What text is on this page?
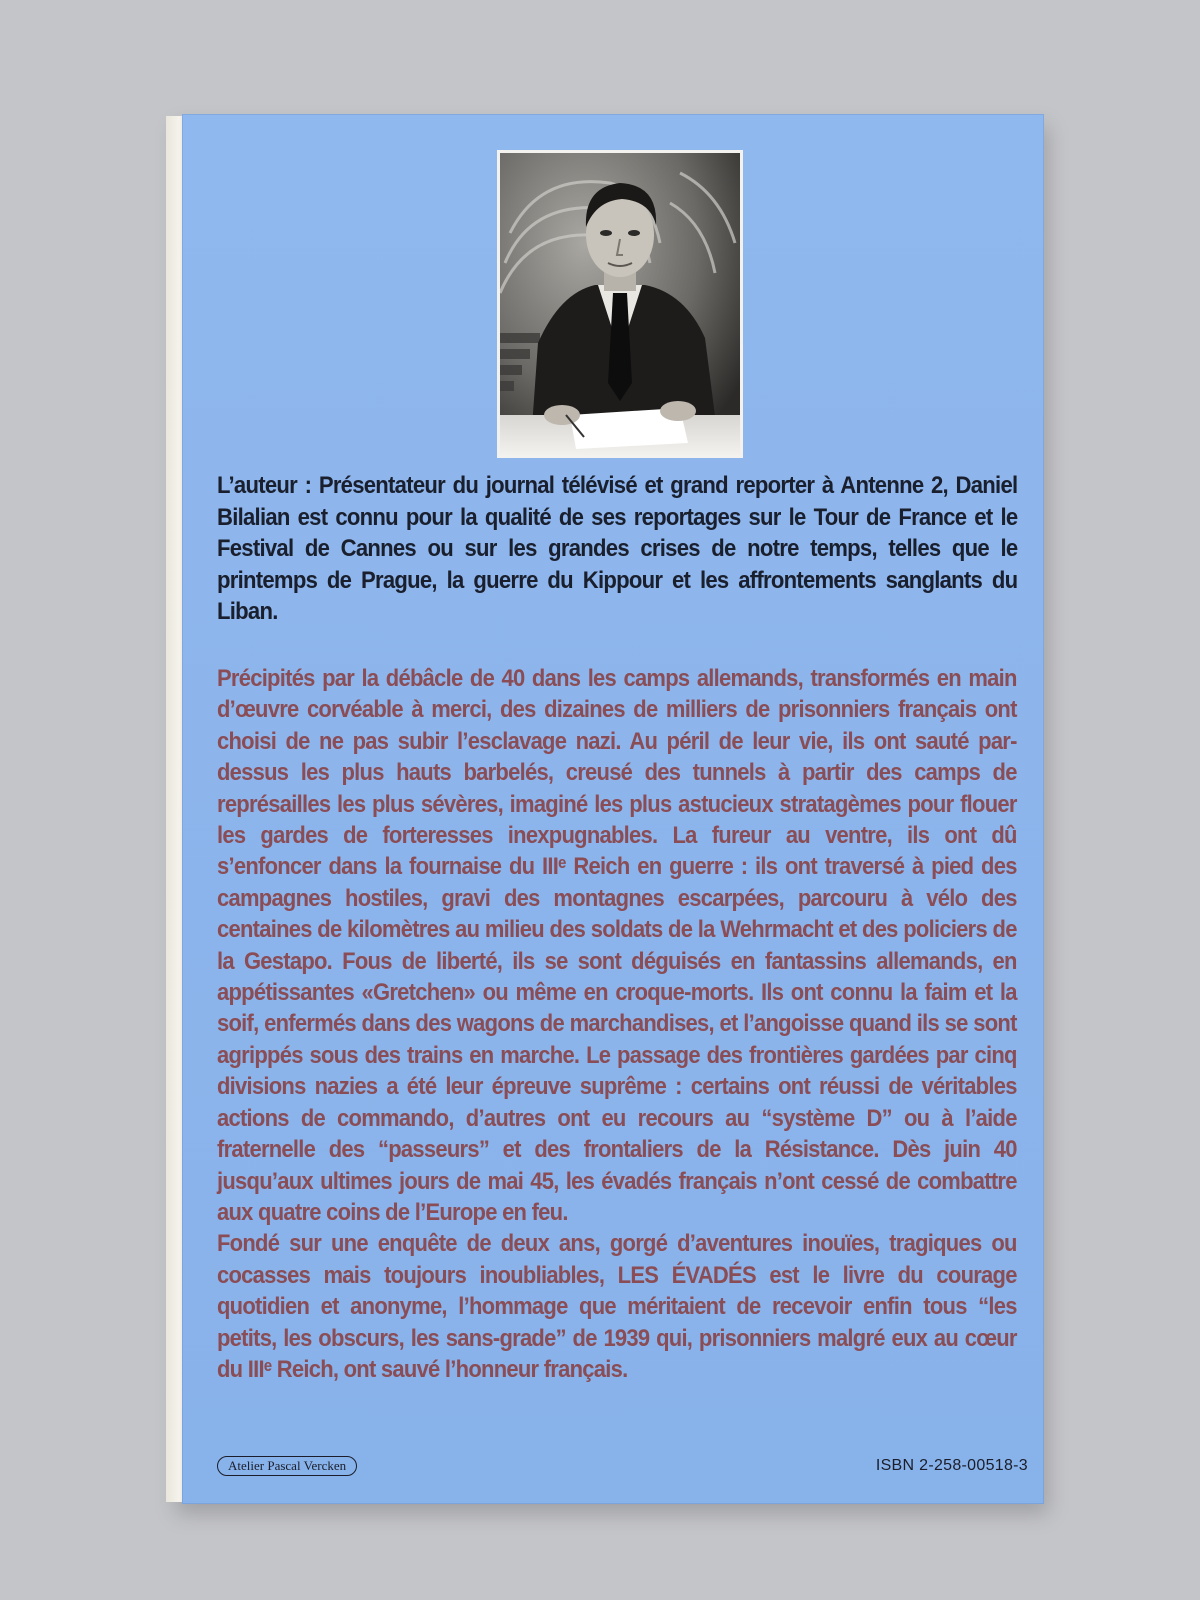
L’auteur : Présentateur du journal télévisé et grand reporter à Antenne 2, Daniel Bilalian est connu pour la qualité de ses reportages sur le Tour de France et le Festival de Cannes ou sur les grandes crises de notre temps, telles que le printemps de Prague, la guerre du Kippour et les affrontements sanglants du Liban.

Précipités par la débâcle de 40 dans les camps allemands, transformés en main d’œuvre corvéable à merci, des dizaines de milliers de prisonniers français ont choisi de ne pas subir l’esclavage nazi. Au péril de leur vie, ils ont sauté par-dessus les plus hauts barbelés, creusé des tunnels à partir des camps de représailles les plus sévères, imaginé les plus astucieux stratagèmes pour flouer les gardes de forteresses inexpugnables. La fureur au ventre, ils ont dû s’enfoncer dans la fournaise du IIIᵉ Reich en guerre : ils ont traversé à pied des campagnes hostiles, gravi des montagnes escarpées, parcouru à vélo des centaines de kilomètres au milieu des soldats de la Wehrmacht et des policiers de la Gestapo. Fous de liberté, ils se sont déguisés en fantassins allemands, en appétissantes «Gretchen» ou même en croque-morts. Ils ont connu la faim et la soif, enfermés dans des wagons de marchandises, et l’angoisse quand ils se sont agrippés sous des trains en marche. Le passage des frontières gardées par cinq divisions nazies a été leur épreuve suprême : certains ont réussi de véritables actions de commando, d’autres ont eu recours au “système D” ou à l’aide fraternelle des “passeurs” et des frontaliers de la Résistance. Dès juin 40 jusqu’aux ultimes jours de mai 45, les évadés français n’ont cessé de combattre aux quatre coins de l’Europe en feu.

Fondé sur une enquête de deux ans, gorgé d’aventures inouïes, tragiques ou cocasses mais toujours inoubliables, LES ÉVADÉS est le livre du courage quotidien et anonyme, l’hommage que méritaient de recevoir enfin tous “les petits, les obscurs, les sans-grade” de 1939 qui, prisonniers malgré eux au cœur du IIIᵉ Reich, ont sauvé l’honneur français.

Atelier Pascal Vercken	ISBN 2-258-00518-3
